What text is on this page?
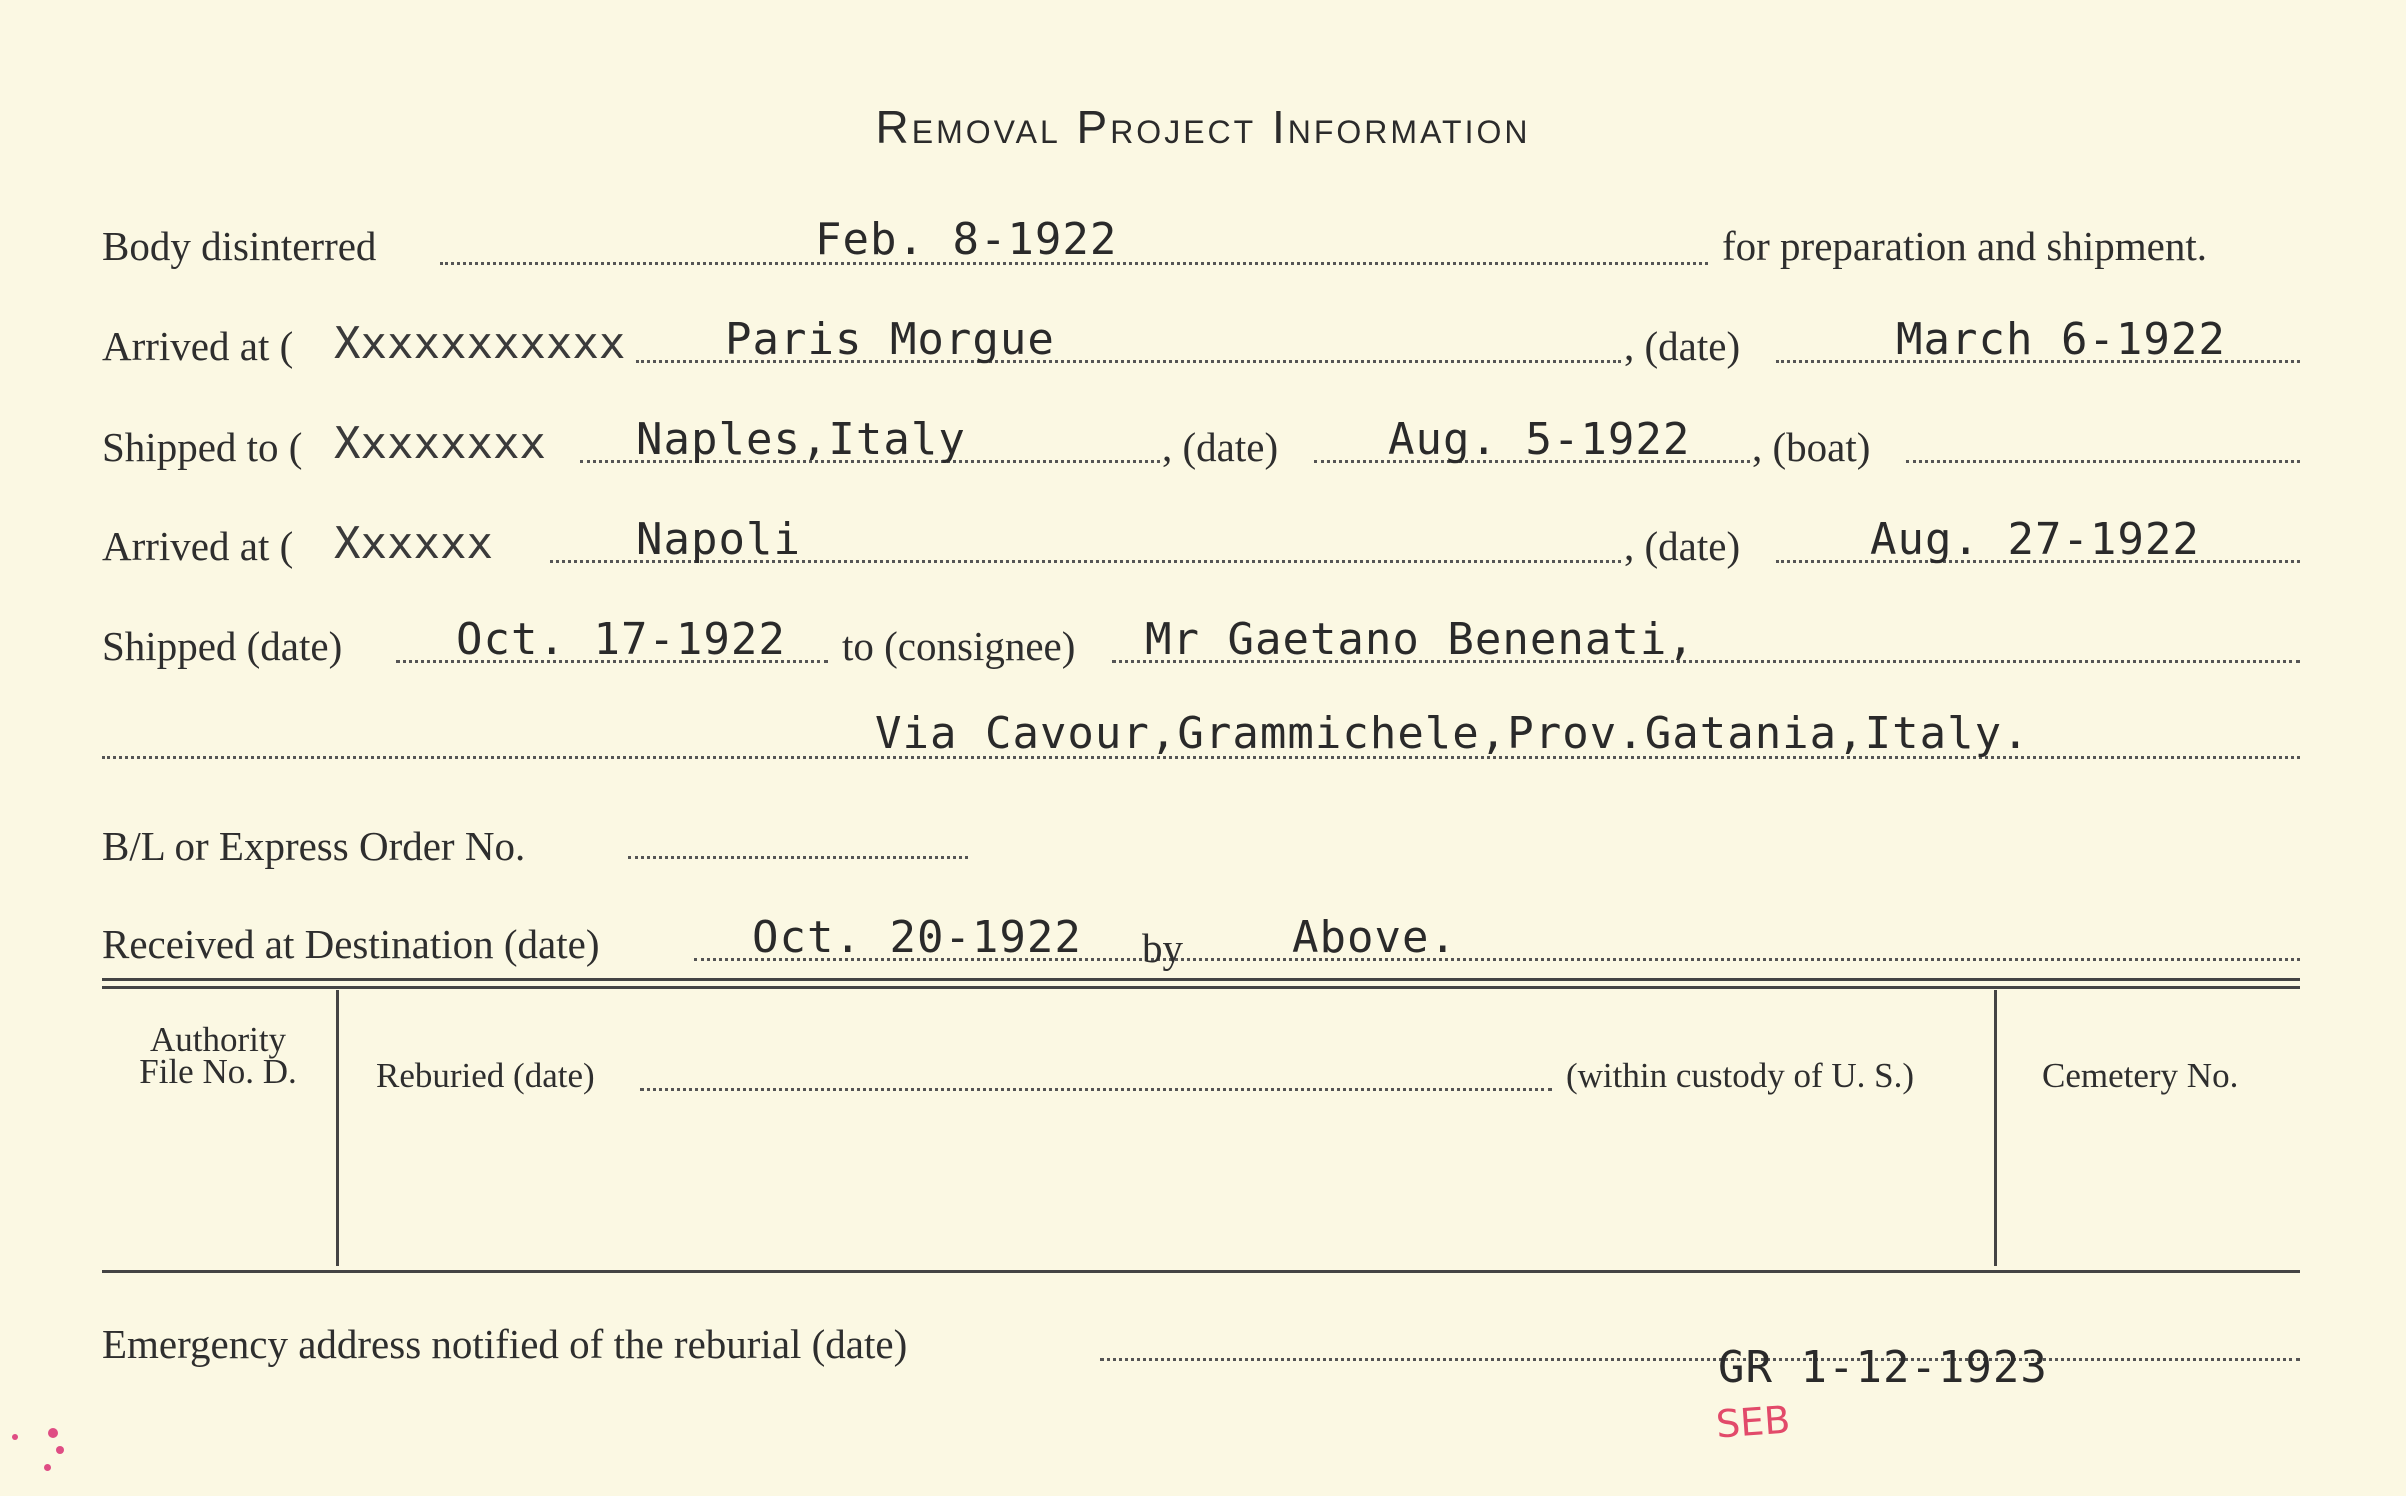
Removal Project Information
Body disinterred	Feb. 8-1922	for preparation and shipment.
Arrived at ( Xxxxxxxxxxx Paris Morgue	, (date)	March 6-1922
Shipped to ( Xxxxxxxx Naples,Italy	, (date) Aug. 5-1922 , (boat)
Arrived at ( Xxxxxx	Napoli	, (date)	Aug. 27-1922
Shipped (date)	Oct. 17-1922 to (consignee) Mr Gaetano Benenati,
Via Cavour,Grammichele,Prov.Gatania,Italy.
B/L or Express Order No.
Received at Destination (date)	Oct. 20-1922 by Above.
Authority
File No. D.	Reburied (date)	(within custody of U. S.)	Cemetery No.
Emergency address notified of the reburial (date)	GR 1-12-1923
SEB
